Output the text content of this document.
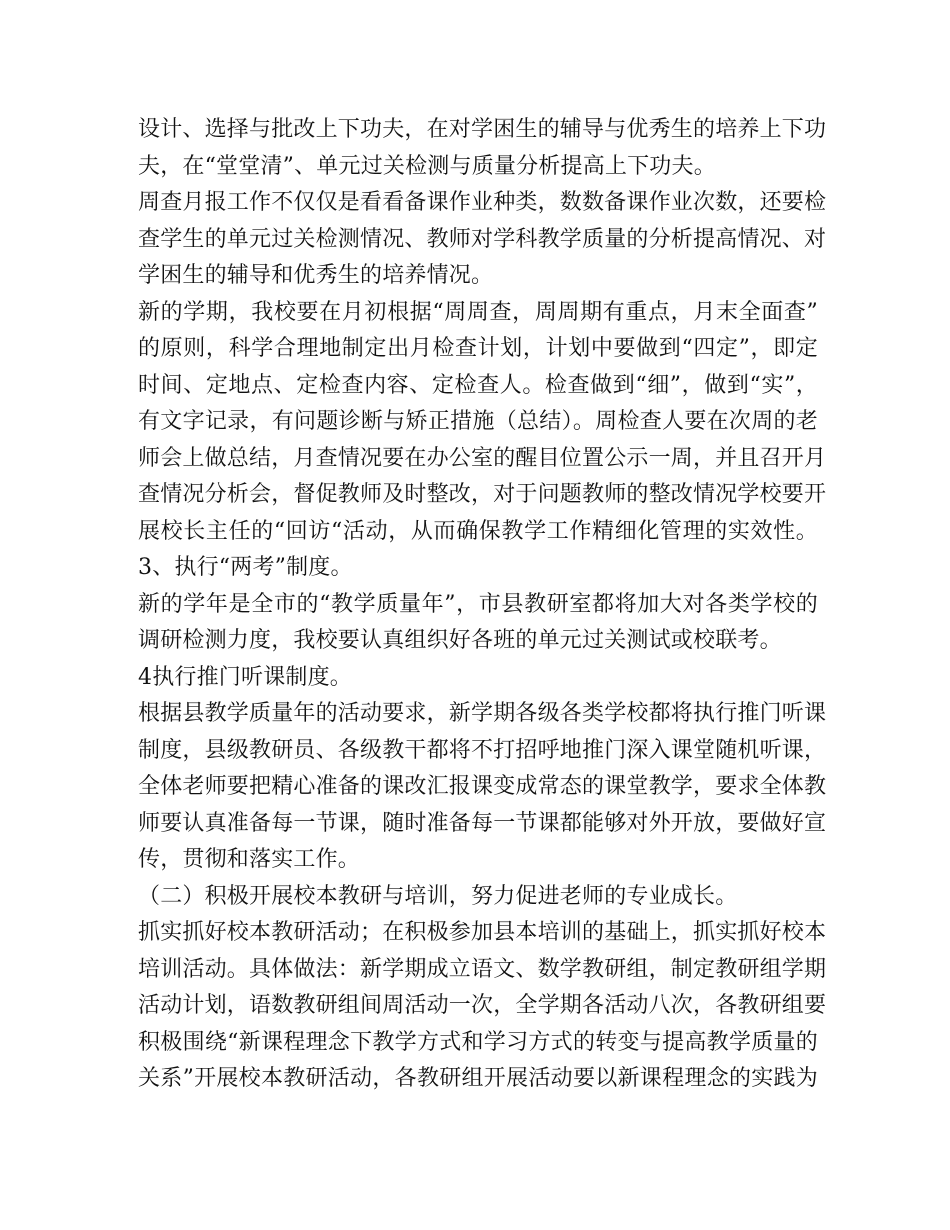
设计、选择与批改上下功夫，在对学困生的辅导与优秀生的培养上下功
夫，在“堂堂清”、单元过关检测与质量分析提高上下功夫。
周查月报工作不仅仅是看看备课作业种类，数数备课作业次数，还要检
查学生的单元过关检测情况、教师对学科教学质量的分析提高情况、对
学困生的辅导和优秀生的培养情况。
新的学期，我校要在月初根据“周周查，周周期有重点，月末全面查”
的原则，科学合理地制定出月检查计划，计划中要做到“四定”，即定
时间、定地点、定检查内容、定检查人。检查做到“细”，做到“实”，
有文字记录，有问题诊断与矫正措施（总结）。周检查人要在次周的老
师会上做总结，月查情况要在办公室的醒目位置公示一周，并且召开月
查情况分析会，督促教师及时整改，对于问题教师的整改情况学校要开
展校长主任的“回访“活动，从而确保教学工作精细化管理的实效性。
3、执行“两考”制度。
新的学年是全市的“教学质量年”，市县教研室都将加大对各类学校的
调研检测力度，我校要认真组织好各班的单元过关测试或校联考。
4执行推门听课制度。
根据县教学质量年的活动要求，新学期各级各类学校都将执行推门听课
制度，县级教研员、各级教干都将不打招呼地推门深入课堂随机听课，
全体老师要把精心准备的课改汇报课变成常态的课堂教学，要求全体教
师要认真准备每一节课，随时准备每一节课都能够对外开放，要做好宣
传，贯彻和落实工作。
（二）积极开展校本教研与培训，努力促进老师的专业成长。
抓实抓好校本教研活动；在积极参加县本培训的基础上，抓实抓好校本
培训活动。具体做法：新学期成立语文、数学教研组，制定教研组学期
活动计划，语数教研组间周活动一次，全学期各活动八次，各教研组要
积极围绕“新课程理念下教学方式和学习方式的转变与提高教学质量的
关系”开展校本教研活动，各教研组开展活动要以新课程理念的实践为
